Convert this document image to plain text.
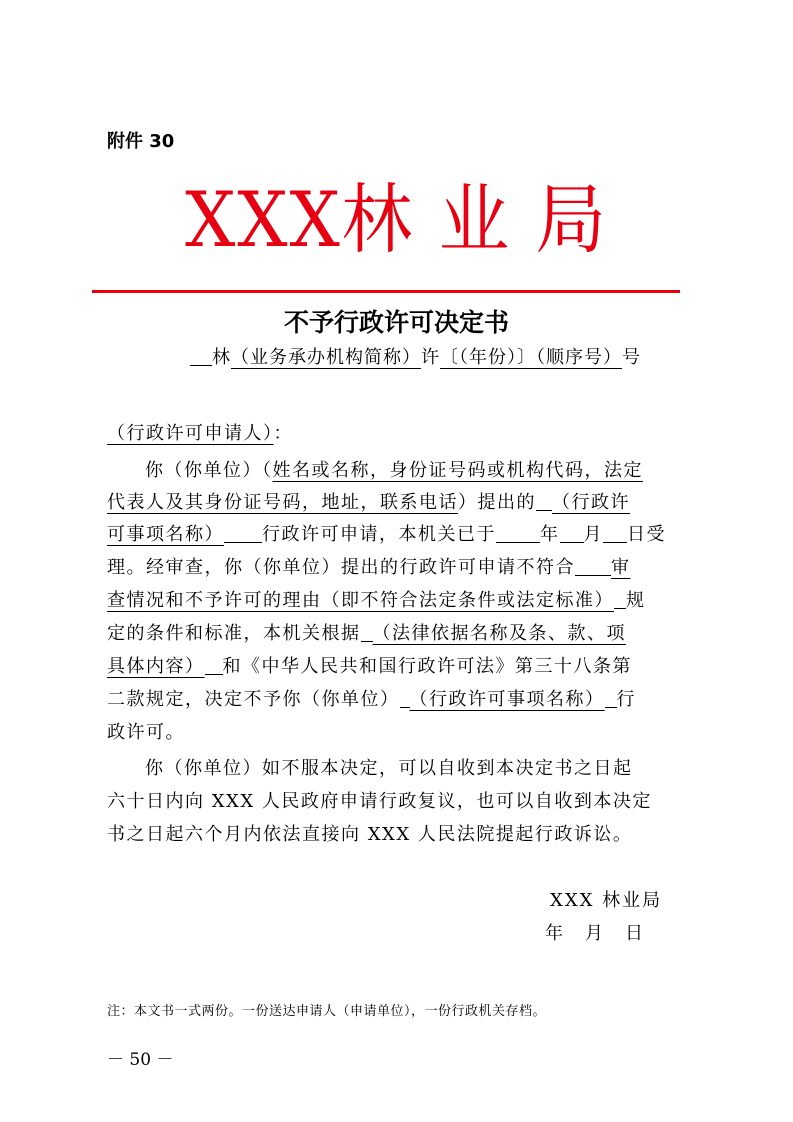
附件 30
XXX林 业 局
不予行政许可决定书
林（业务承办机构简称）许〔（年份）〕（顺序号）号
（行政许可申请人）：
你（你单位）（姓名或名称，身份证号码或机构代码，法定
代表人及其身份证号码，地址，联系电话）提出的 （行政许
可事项名称） 行政许可申请，本机关已于 年 月 日受
理。经审查，你（你单位）提出的行政许可申请不符合 审
查情况和不予许可的理由（即不符合法定条件或法定标准） 规
定的条件和标准，本机关根据 （法律依据名称及条、款、项
具体内容） 和《中华人民共和国行政许可法》第三十八条第
二款规定，决定不予你（你单位） （行政许可事项名称） 行
政许可。
你（你单位）如不服本决定，可以自收到本决定书之日起
六十日内向 XXX 人民政府申请行政复议，也可以自收到本决定
书之日起六个月内依法直接向 XXX 人民法院提起行政诉讼。
XXX 林业局
年　月　日
注：本文书一式两份。一份送达申请人（申请单位），一份行政机关存档。
－ 50 －
